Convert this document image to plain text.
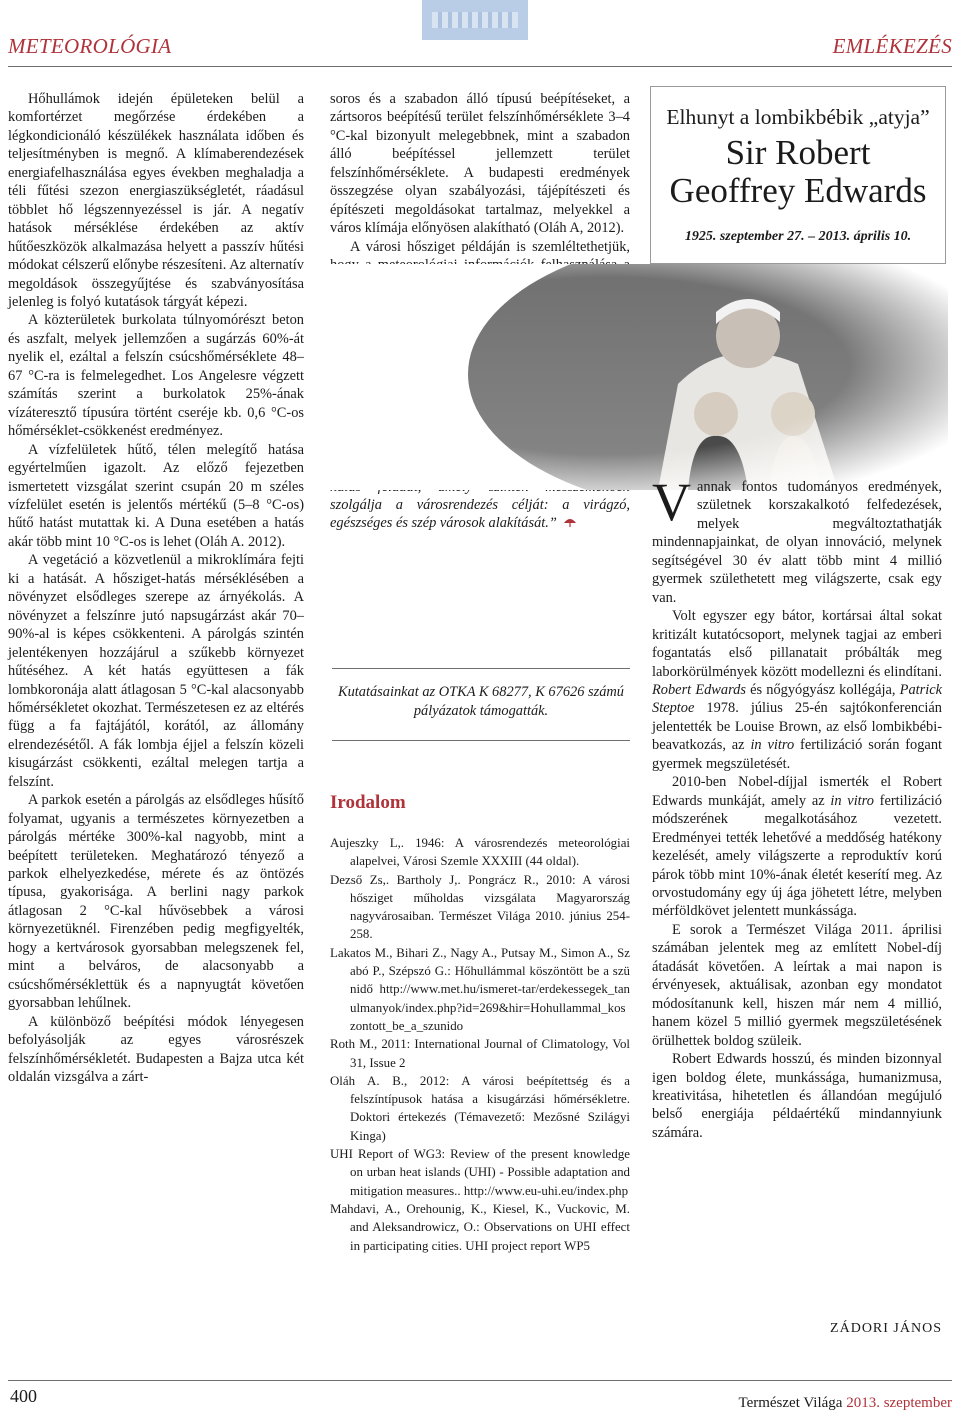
METEOROLÓGIA	EMLÉKEZÉS

Hőhullámok idején épületeken belül a komfortérzet megőrzése érdekében a légkondicionáló készülékek használata időben és teljesítményben is megnő. A klímaberendezések energiafelhasználása egyes években meghaladja a téli fűtési szezon energiaszükségletét, ráadásul többlet hő légszennyezéssel is jár. A negatív hatások mérséklése érdekében az aktív hűtőeszközök alkalmazása helyett a passzív hűtési módokat célszerű előnybe részesíteni. Az alternatív megoldások összegyűjtése és szabványosítása jelenleg is folyó kutatások tárgyát képezi.

A közterületek burkolata túlnyomórészt beton és aszfalt, melyek jellemzően a sugárzás 60%-át nyelik el, ezáltal a felszín csúcshőmérséklete 48–67 °C-ra is felmelegedhet. Los Angelesre végzett számítás szerint a burkolatok 25%-ának vízáteresztő típusúra történt cseréje kb. 0,6 °C-os hőmérséklet-csökkenést eredményez.

A vízfelületek hűtő, télen melegítő hatása egyértelműen igazolt. Az előző fejezetben ismertetett vizsgálat szerint csupán 20 m széles vízfelület esetén is jelentős mértékű (5–8 °C-os) hűtő hatást mutattak ki. A Duna esetében a hatás akár több mint 10 °C-os is lehet (Oláh A. 2012).

A vegetáció a közvetlenül a mikroklímára fejti ki a hatását. A hősziget-hatás mérséklésében a növényzet elsődleges szerepe az árnyékolás. A növényzet a felszínre jutó napsugárzást akár 70–90%-al is képes csökkenteni. A párolgás szintén jelentékenyen hozzájárul a szűkebb környezet hűtéséhez. A két hatás együttesen a fák lombkoronája alatt átlagosan 5 °C-kal alacsonyabb hőmérsékletet okozhat. Természetesen ez az eltérés függ a fa fajtájától, korától, az állomány elrendezésétől. A fák lombja éjjel a felszín közeli kisugárzást csökkenti, ezáltal melegen tartja a felszínt.

A parkok esetén a párolgás az elsődleges hűsítő folyamat, ugyanis a természetes környezetben a párolgás mértéke 300%-kal nagyobb, mint a beépített területeken. Meghatározó tényező a parkok elhelyezkedése, mérete és az öntözés típusa, gyakorisága. A berlini nagy parkok átlagosan 2 °C-kal hűvösebbek a városi környezetüknél. Firenzében pedig megfigyelték, hogy a kertvárosok gyorsabban melegszenek fel, mint a belváros, de alacsonyabb a csúcshőmérséklettük és a napnyugtát követően gyorsabban lehűlnek.

A különböző beépítési módok lényegesen befolyásolják az egyes városrészek felszínhőmérsékletét. Budapesten a Bajza utca két oldalán vizsgálva a zárt-

soros és a szabadon álló típusú beépítéseket, a zártsoros beépítésű terület felszínhőmérséklete 3–4 °C-kal bizonyult melegebbnek, mint a szabadon álló beépítéssel jellemzett terület felszínhőmérséklete. A budapesti eredmények összegzése olyan szabályozási, tájépítészeti és építészeti megoldásokat tartalmaz, melyekkel a város klímája előnyösen alakítható (Oláh A, 2012).

A városi hősziget példáján is szemléltethetjük, szolgálja a városrendezés célját: a virágzó, egészséges és szép városok alakítását.”

Kutatásainkat az OTKA K 68277, K 67626 számú pályázatok támogatták.
Irodalom
Aujeszky L,. 1946: A városrendezés meteorológiai alapelvei, Városi Szemle XXXIII (44 oldal).
Dezső Zs,. Bartholy J,. Pongrácz R., 2010: A városi hősziget műholdas vizsgálata Magyarország nagyvárosaiban. Természet Világa 2010. június 254-258.
Lakatos M., Bihari Z., Nagy A., Putsay M., Simon A., Szabó P., Szépszó G.: Hőhullámmal köszöntött be a szünidő http://www.met.hu/ismeret-tar/erdekessegek_tanulmanyok/index.php?id=269&hir=Hohullammal_koszontott_be_a_szunido
Roth M., 2011: International Journal of Climatology, Vol 31, Issue 2
Oláh A. B., 2012: A városi beépítettség és a felszíntípusok hatása a kisugárzási hőmérsékletre. Doktori értekezés (Témavezető: Mezősné Szilágyi Kinga)
UHI Report of WG3: Review of the present knowledge on urban heat islands (UHI) - Possible adaptation and mitigation measures.. http://www.eu-uhi.eu/index.php
Mahdavi, A., Orehounig, K., Kiesel, K., Vuckovic, M. and Aleksandrowicz, O.: Observations on UHI effect in participating cities. UHI project report WP5
Elhunyt a lombikbébik „atyja”
Sir Robert
Geoffrey Edwards
1925. szeptember 27. – 2013. április 10.

Vannak fontos tudományos eredmények, születnek korszakalkotó felfedezések, melyek megváltoztathatják mindennapjainkat, de olyan innováció, melynek segítségével 30 év alatt több mint 4 millió gyermek születhetett meg világszerte, csak egy van.

Volt egyszer egy bátor, kortársai által sokat kritizált kutatócsoport, melynek tagjai az emberi fogantatás első pillanatait próbálták meg laborkörülmények között modellezni és elindítani. Robert Edwards és nőgyógyász kollégája, Patrick Steptoe 1978. július 25-én sajtókonferencián jelentették be Louise Brown, az első lombikbébi-beavatkozás, az in vitro fertilizáció során fogant gyermek megszületését.

2010-ben Nobel-díjjal ismerték el Robert Edwards munkáját, amely az in vitro fertilizáció módszerének megalkotásához vezetett. Eredményei tették lehetővé a meddőség hatékony kezelését, amely világszerte a reproduktív korú párok több mint 10%-ának életét keserítí meg. Az orvostudomány egy új ága jöhetett létre, melyben mérföldkövet jelentett munkássága.

E sorok a Természet Világa 2011. áprilisi számában jelentek meg az említett Nobel-díj átadását követően. A leírtak a mai napon is érvényesek, aktuálisak, azonban egy mondatot módosítanunk kell, hiszen már nem 4 millió, hanem közel 5 millió gyermek megszületésének örülhettek boldog szüleik.

Robert Edwards hosszú, és minden bizonnyal igen boldog élete, munkássága, humanizmusa, kreativitása, hihetetlen és állandóan megújuló belső energiája példaértékű mindannyiunk számára.

ZÁDORI JÁNOS
400	Természet Világa 2013. szeptember
